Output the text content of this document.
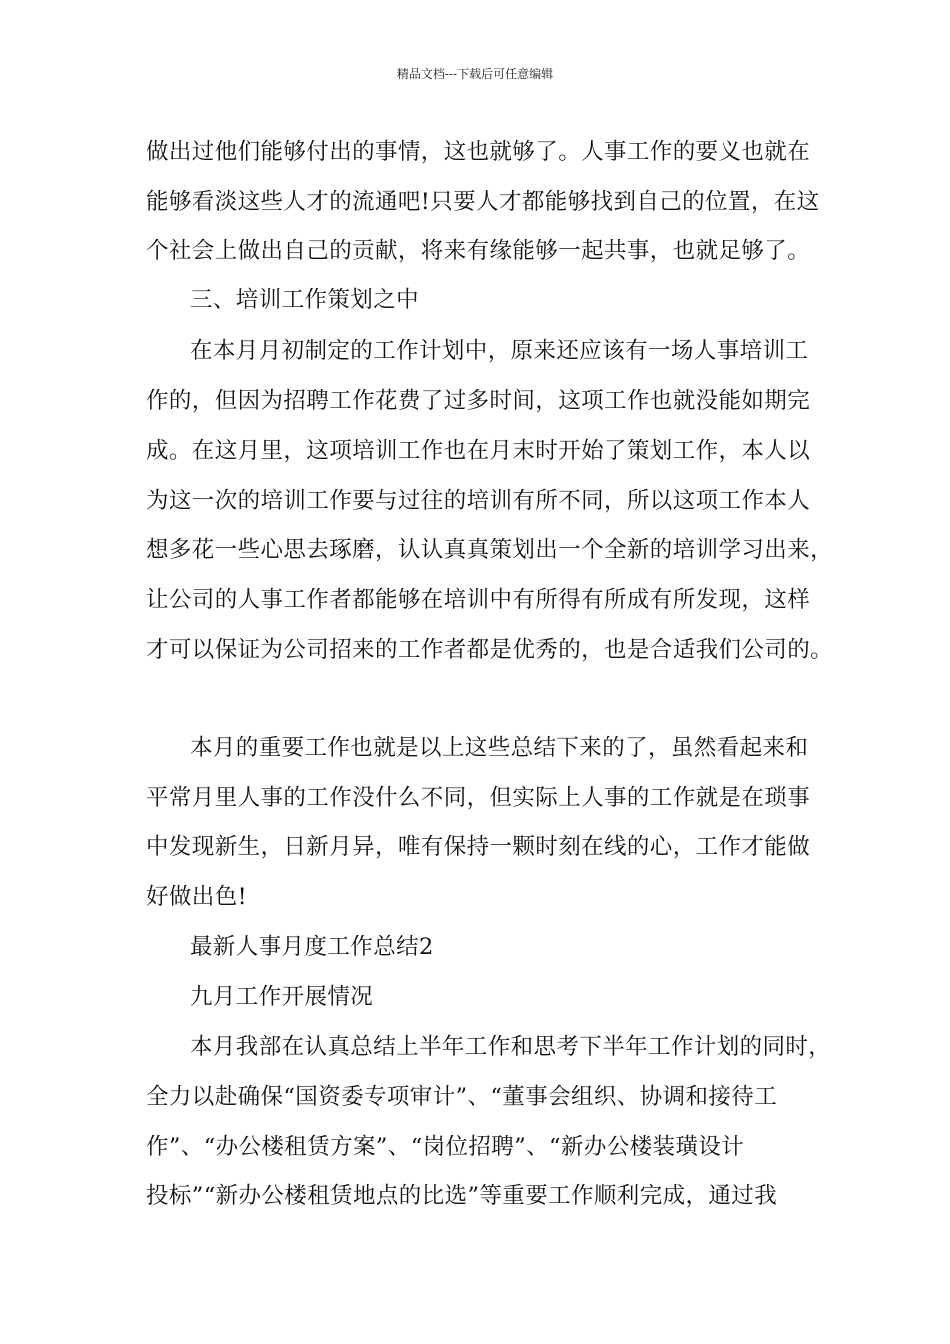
精品文档---下载后可任意编辑
做出过他们能够付出的事情，这也就够了。人事工作的要义也就在
能够看淡这些人才的流通吧!只要人才都能够找到自己的位置，在这
个社会上做出自己的贡献，将来有缘能够一起共事，也就足够了。
三、培训工作策划之中
在本月月初制定的工作计划中，原来还应该有一场人事培训工
作的，但因为招聘工作花费了过多时间，这项工作也就没能如期完
成。在这月里，这项培训工作也在月末时开始了策划工作，本人以
为这一次的培训工作要与过往的培训有所不同，所以这项工作本人
想多花一些心思去琢磨，认认真真策划出一个全新的培训学习出来，
让公司的人事工作者都能够在培训中有所得有所成有所发现，这样
才可以保证为公司招来的工作者都是优秀的，也是合适我们公司的。
本月的重要工作也就是以上这些总结下来的了，虽然看起来和
平常月里人事的工作没什么不同，但实际上人事的工作就是在琐事
中发现新生，日新月异，唯有保持一颗时刻在线的心，工作才能做
好做出色!
最新人事月度工作总结2
九月工作开展情况
本月我部在认真总结上半年工作和思考下半年工作计划的同时，
全力以赴确保“国资委专项审计”、“董事会组织、协调和接待工
作”、“办公楼租赁方案”、“岗位招聘”、“新办公楼装璜设计
投标”“新办公楼租赁地点的比选”等重要工作顺利完成，通过我
